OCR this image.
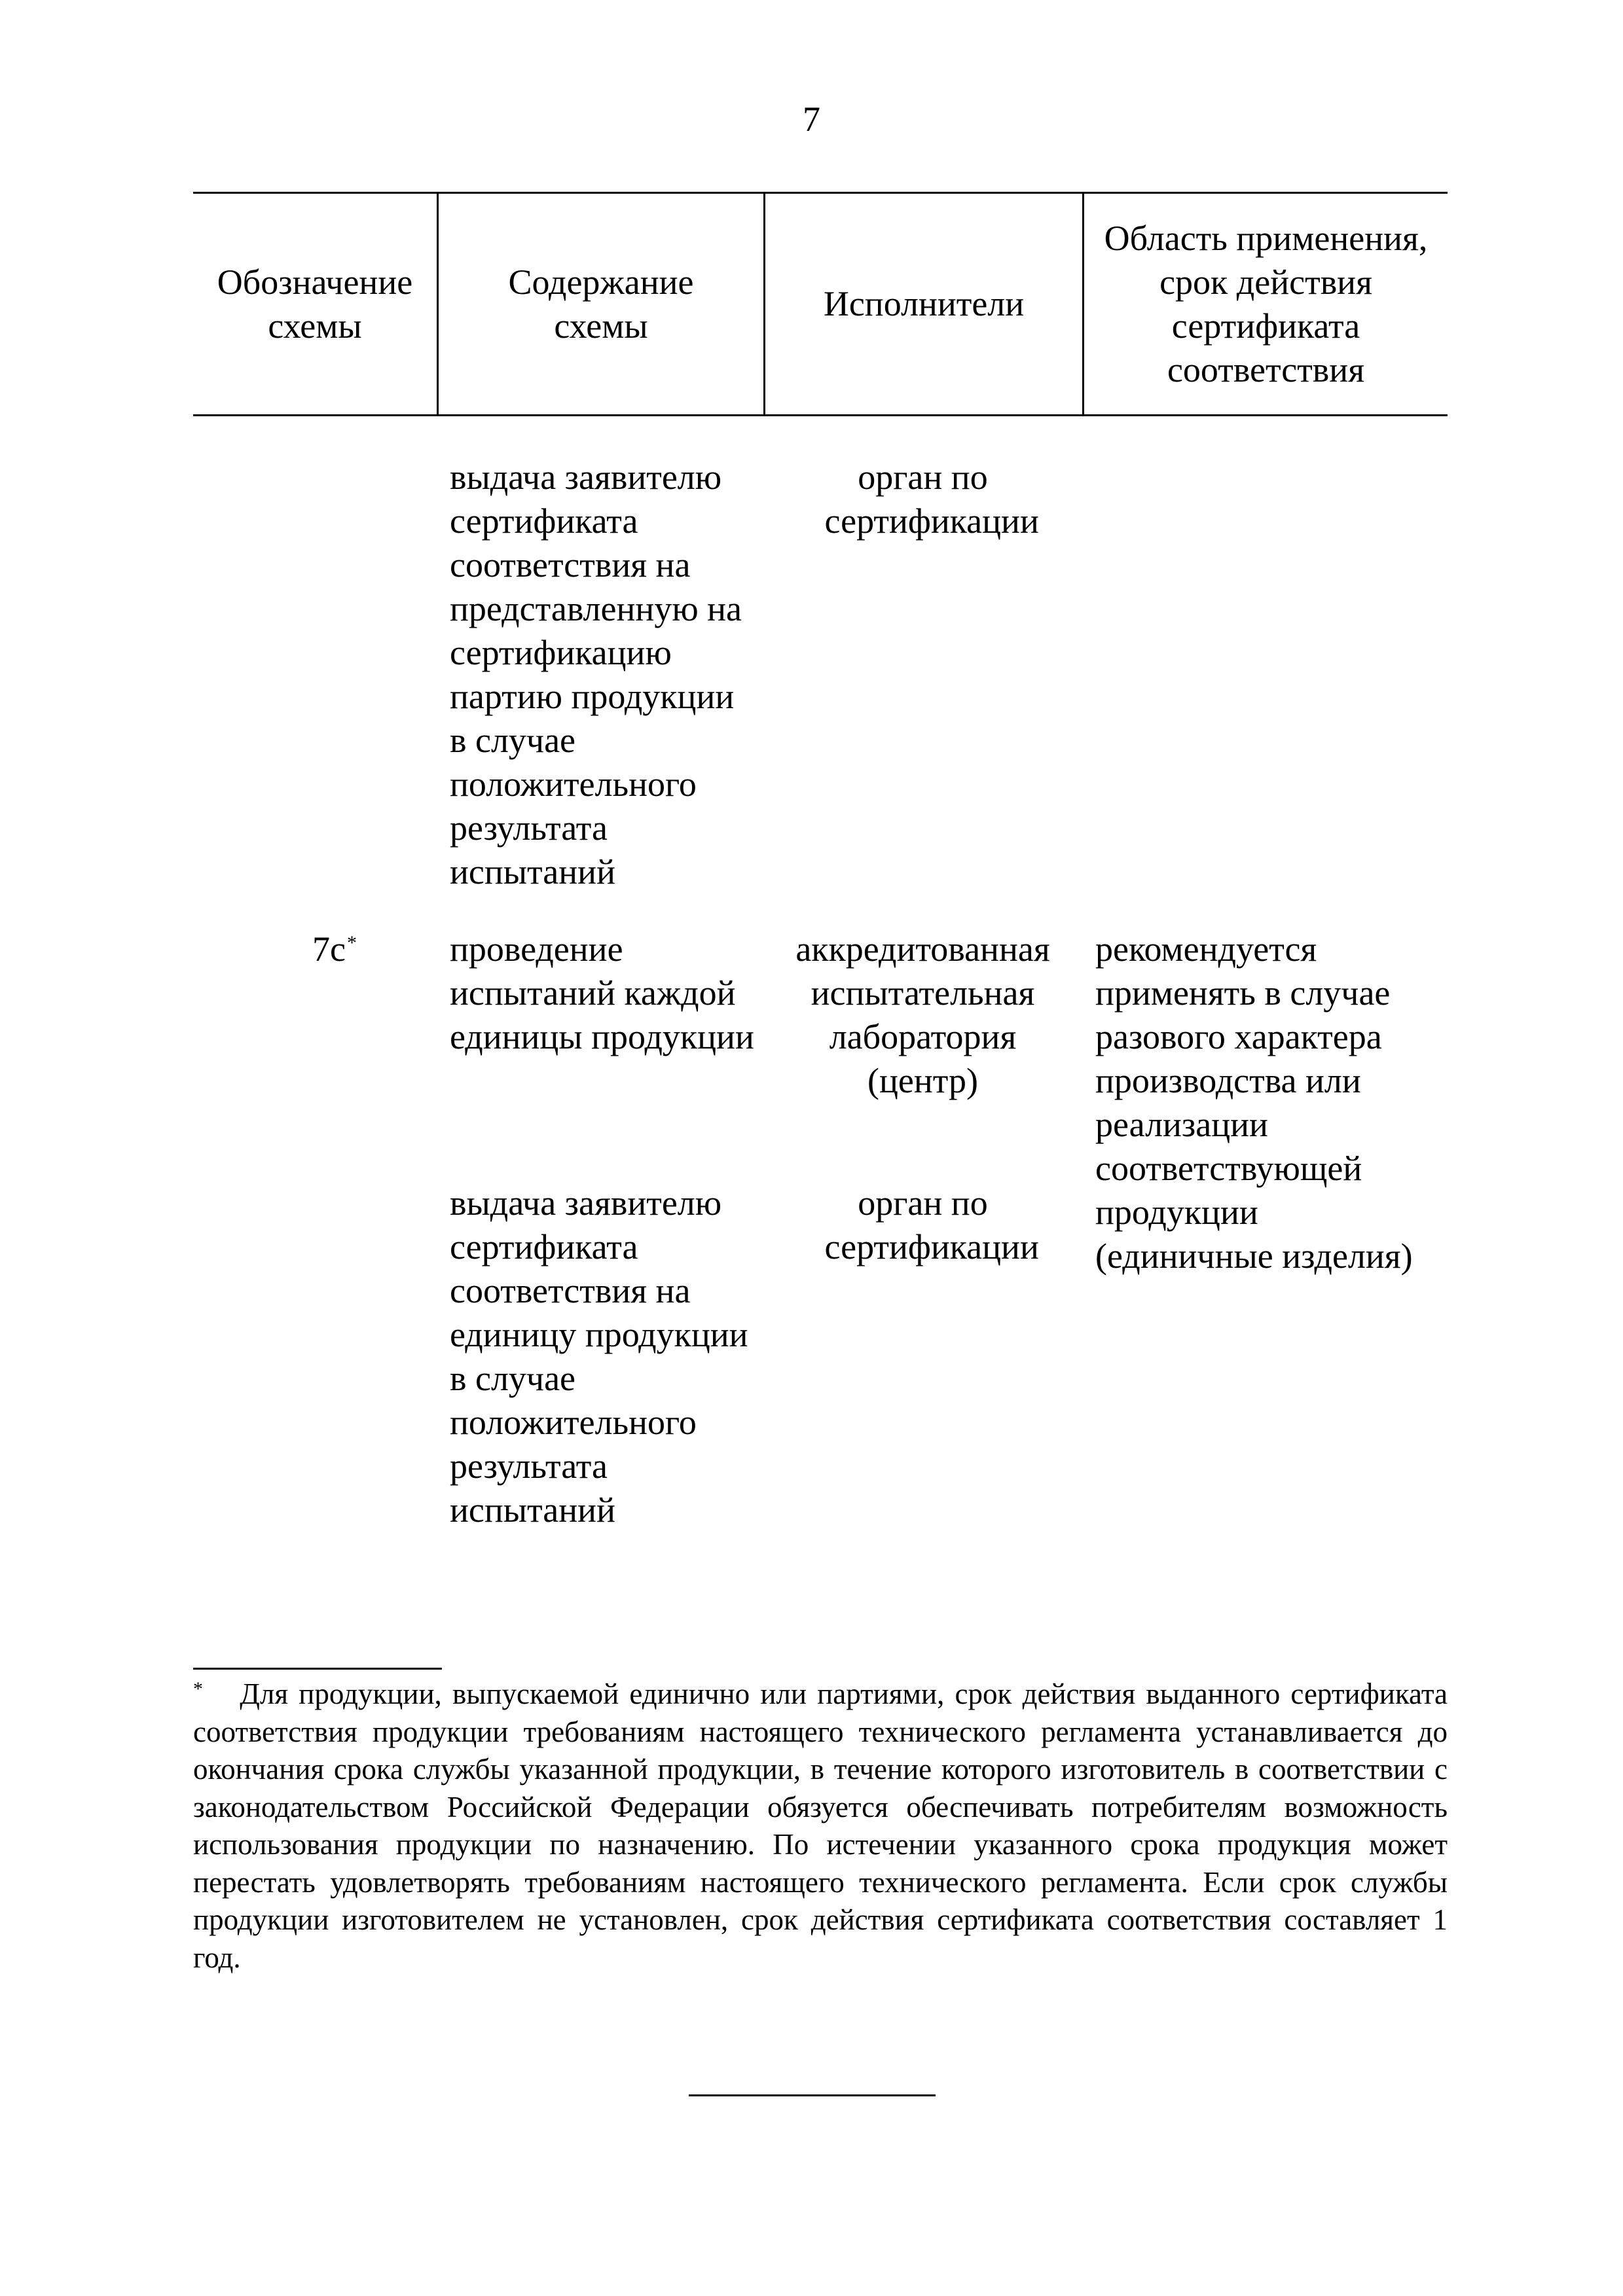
7
Обозначение схемы
Содержание схемы
Исполнители
Область применения, срок действия сертификата соответствия
выдача заявителю сертификата соответствия на представленную на сертификацию партию продукции в случае положительного результата испытаний
орган по сертификации
7с*	проведение испытаний каждой единицы продукции
аккредитованная испытательная лаборатория (центр)
рекомендуется применять в случае разового характера производства или реализации соответствующей продукции (единичные изделия)
выдача заявителю сертификата соответствия на единицу продукции в случае положительного результата испытаний
орган по сертификации
* Для продукции, выпускаемой единично или партиями, срок действия выданного сертификата соответствия продукции требованиям настоящего технического регламента устанавливается до окончания срока службы указанной продукции, в течение которого изготовитель в соответствии с законодательством Российской Федерации обязуется обеспечивать потребителям возможность использования продукции по назначению. По истечении указанного срока продукция может перестать удовлетворять требованиям настоящего технического регламента. Если срок службы продукции изготовителем не установлен, срок действия сертификата соответствия составляет 1 год.
